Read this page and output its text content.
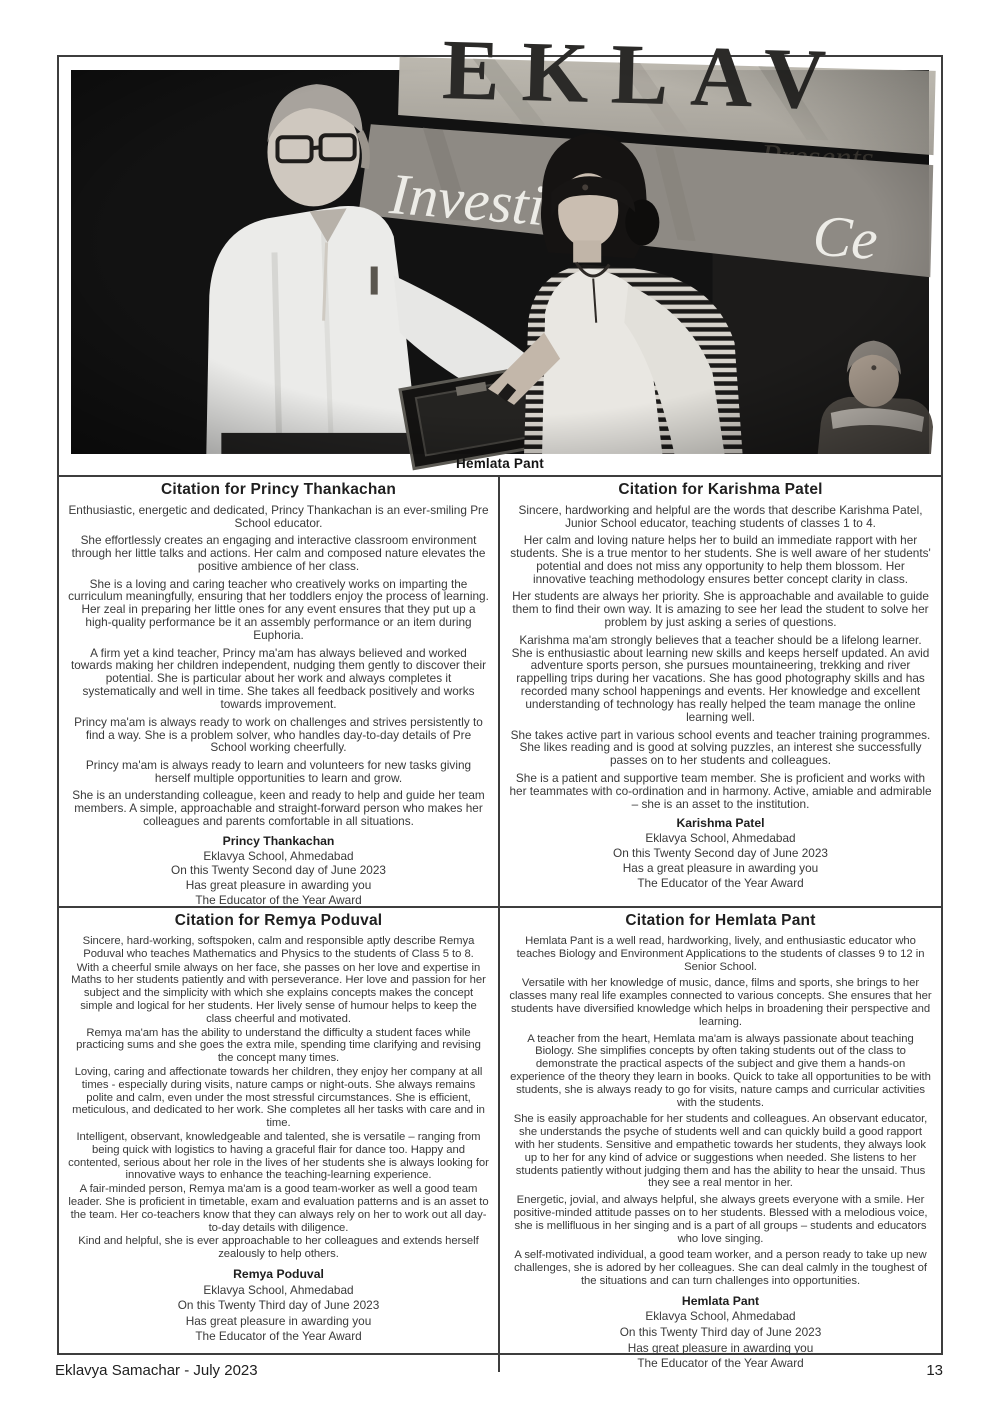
Hemlata Pant
Citation for Princy Thankachan

Enthusiastic, energetic and dedicated, Princy Thankachan is an ever-smiling Pre School educator.

She effortlessly creates an engaging and interactive classroom environment through her little talks and actions. Her calm and composed nature elevates the positive ambience of her class.

She is a loving and caring teacher who creatively works on imparting the curriculum meaningfully, ensuring that her toddlers enjoy the process of learning. Her zeal in preparing her little ones for any event ensures that they put up a high-quality performance be it an assembly performance or an item during Euphoria.

A firm yet a kind teacher, Princy ma'am has always believed and worked towards making her children independent, nudging them gently to discover their potential. She is particular about her work and always completes it systematically and well in time. She takes all feedback positively and works towards improvement.

Princy ma'am is always ready to work on challenges and strives persistently to find a way. She is a problem solver, who handles day-to-day details of Pre School working cheerfully.

Princy ma'am is always ready to learn and volunteers for new tasks giving herself multiple opportunities to learn and grow.

She is an understanding colleague, keen and ready to help and guide her team members. A simple, approachable and straight-forward person who makes her colleagues and parents comfortable in all situations.

Princy Thankachan
Eklavya School, Ahmedabad
On this Twenty Second day of June 2023
Has great pleasure in awarding you
The Educator of the Year Award
Citation for Karishma Patel

Sincere, hardworking and helpful are the words that describe Karishma Patel, Junior School educator, teaching students of classes 1 to 4.

Her calm and loving nature helps her to build an immediate rapport with her students. She is a true mentor to her students. She is well aware of her students' potential and does not miss any opportunity to help them blossom. Her innovative teaching methodology ensures better concept clarity in class.

Her students are always her priority. She is approachable and available to guide them to find their own way. It is amazing to see her lead the student to solve her problem by just asking a series of questions.

Karishma ma'am strongly believes that a teacher should be a lifelong learner. She is enthusiastic about learning new skills and keeps herself updated. An avid adventure sports person, she pursues mountaineering, trekking and river rappelling trips during her vacations. She has good photography skills and has recorded many school happenings and events. Her knowledge and excellent understanding of technology has really helped the team manage the online learning well.

She takes active part in various school events and teacher training programmes. She likes reading and is good at solving puzzles, an interest she successfully passes on to her students and colleagues.

She is a patient and supportive team member. She is proficient and works with her teammates with co-ordination and in harmony. Active, amiable and admirable – she is an asset to the institution.

Karishma Patel
Eklavya School, Ahmedabad
On this Twenty Second day of June 2023
Has a great pleasure in awarding you
The Educator of the Year Award
Citation for Remya Poduval

Sincere, hard-working, softspoken, calm and responsible aptly describe Remya Poduval who teaches Mathematics and Physics to the students of Class 5 to 8.

With a cheerful smile always on her face, she passes on her love and expertise in Maths to her students patiently and with perseverance. Her love and passion for her subject and the simplicity with which she explains concepts makes the concept simple and logical for her students. Her lively sense of humour helps to keep the class cheerful and motivated.

Remya ma'am has the ability to understand the difficulty a student faces while practicing sums and she goes the extra mile, spending time clarifying and revising the concept many times.

Loving, caring and affectionate towards her children, they enjoy her company at all times - especially during visits, nature camps or night-outs. She always remains polite and calm, even under the most stressful circumstances. She is efficient, meticulous, and dedicated to her work. She completes all her tasks with care and in time.

Intelligent, observant, knowledgeable and talented, she is versatile – ranging from being quick with logistics to having a graceful flair for dance too. Happy and contented, serious about her role in the lives of her students she is always looking for innovative ways to enhance the teaching-learning experience.

A fair-minded person, Remya ma'am is a good team-worker as well a good team leader. She is proficient in timetable, exam and evaluation patterns and is an asset to the team. Her co-teachers know that they can always rely on her to work out all day-to-day details with diligence.

Kind and helpful, she is ever approachable to her colleagues and extends herself zealously to help others.

Remya Poduval
Eklavya School, Ahmedabad
On this Twenty Third day of June 2023
Has great pleasure in awarding you
The Educator of the Year Award
Citation for Hemlata Pant

Hemlata Pant is a well read, hardworking, lively, and enthusiastic educator who teaches Biology and Environment Applications to the students of classes 9 to 12 in Senior School.

Versatile with her knowledge of music, dance, films and sports, she brings to her classes many real life examples connected to various concepts. She ensures that her students have diversified knowledge which helps in broadening their perspective and learning.

A teacher from the heart, Hemlata ma'am is always passionate about teaching Biology. She simplifies concepts by often taking students out of the class to demonstrate the practical aspects of the subject and give them a hands-on experience of the theory they learn in books. Quick to take all opportunities to be with students, she is always ready to go for visits, nature camps and curricular activities with the students.

She is easily approachable for her students and colleagues. An observant educator, she understands the psyche of students well and can quickly build a good rapport with her students. Sensitive and empathetic towards her students, they always look up to her for any kind of advice or suggestions when needed. She listens to her students patiently without judging them and has the ability to hear the unsaid. Thus they see a real mentor in her.

Energetic, jovial, and always helpful, she always greets everyone with a smile. Her positive-minded attitude passes on to her students. Blessed with a melodious voice, she is mellifluous in her singing and is a part of all groups – students and educators who love singing.

A self-motivated individual, a good team worker, and a person ready to take up new challenges, she is adored by her colleagues. She can deal calmly in the toughest of the situations and can turn challenges into opportunities.

Hemlata Pant
Eklavya School, Ahmedabad
On this Twenty Third day of June 2023
Has great pleasure in awarding you
The Educator of the Year Award
Eklavya Samachar - July 2023	13
